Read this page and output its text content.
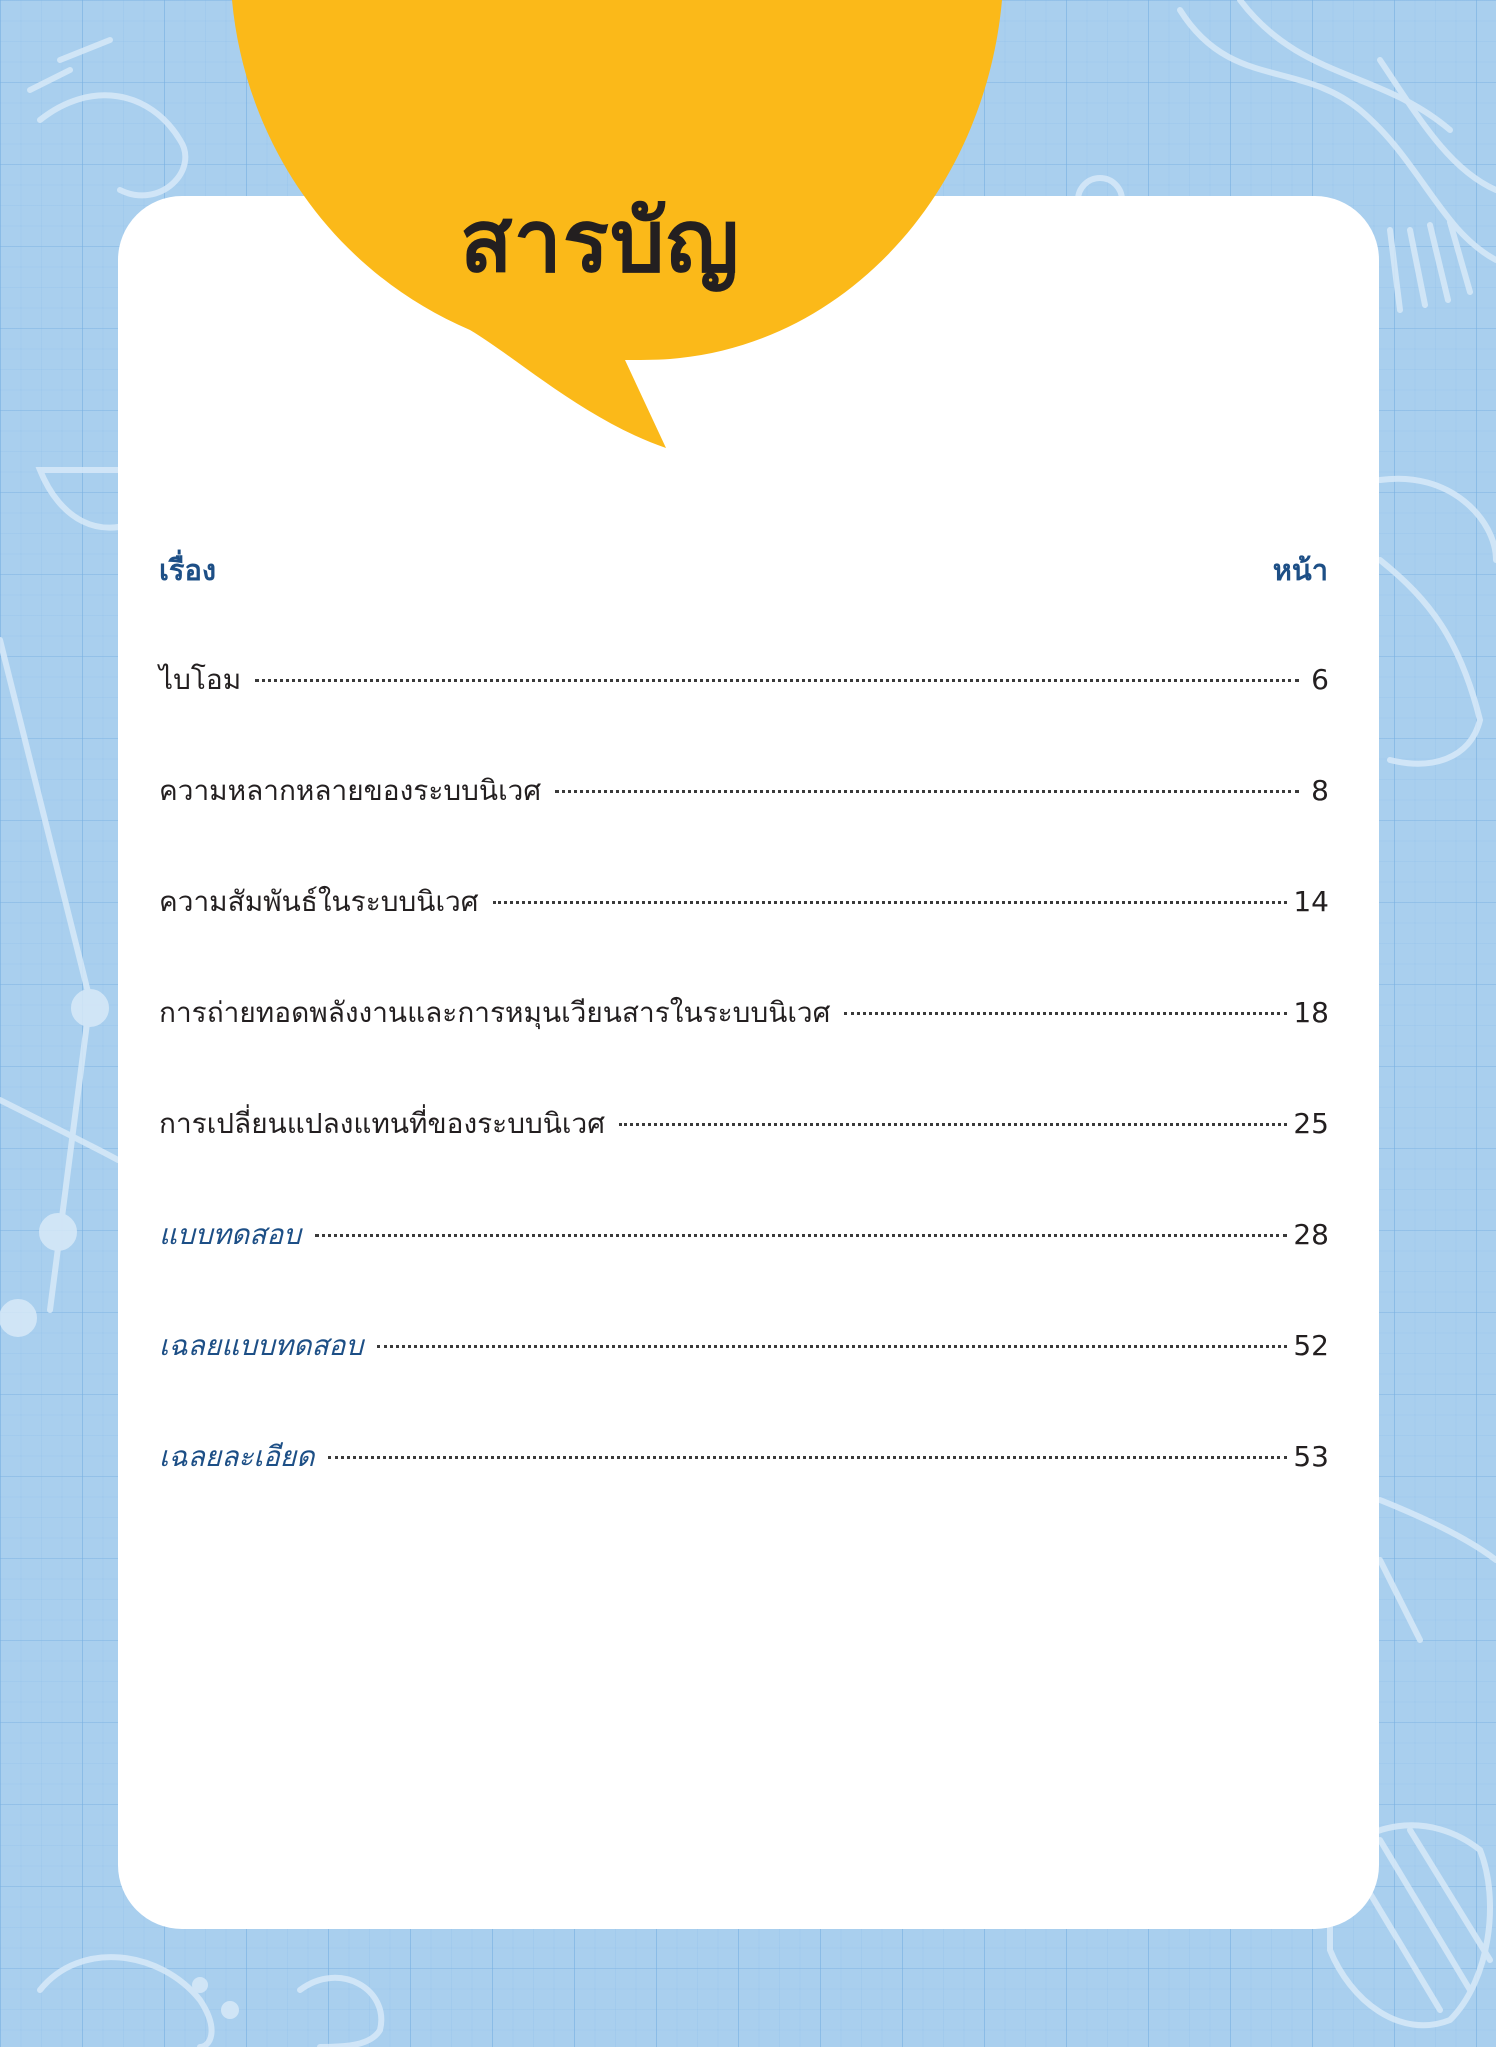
สารบัญ
เรื่อง	หน้า
ไบโอม	6
ความหลากหลายของระบบนิเวศ	8
ความสัมพันธ์ในระบบนิเวศ	14
การถ่ายทอดพลังงานและการหมุนเวียนสารในระบบนิเวศ	18
การเปลี่ยนแปลงแทนที่ของระบบนิเวศ	25
แบบทดสอบ	28
เฉลยแบบทดสอบ	52
เฉลยละเอียด	53
